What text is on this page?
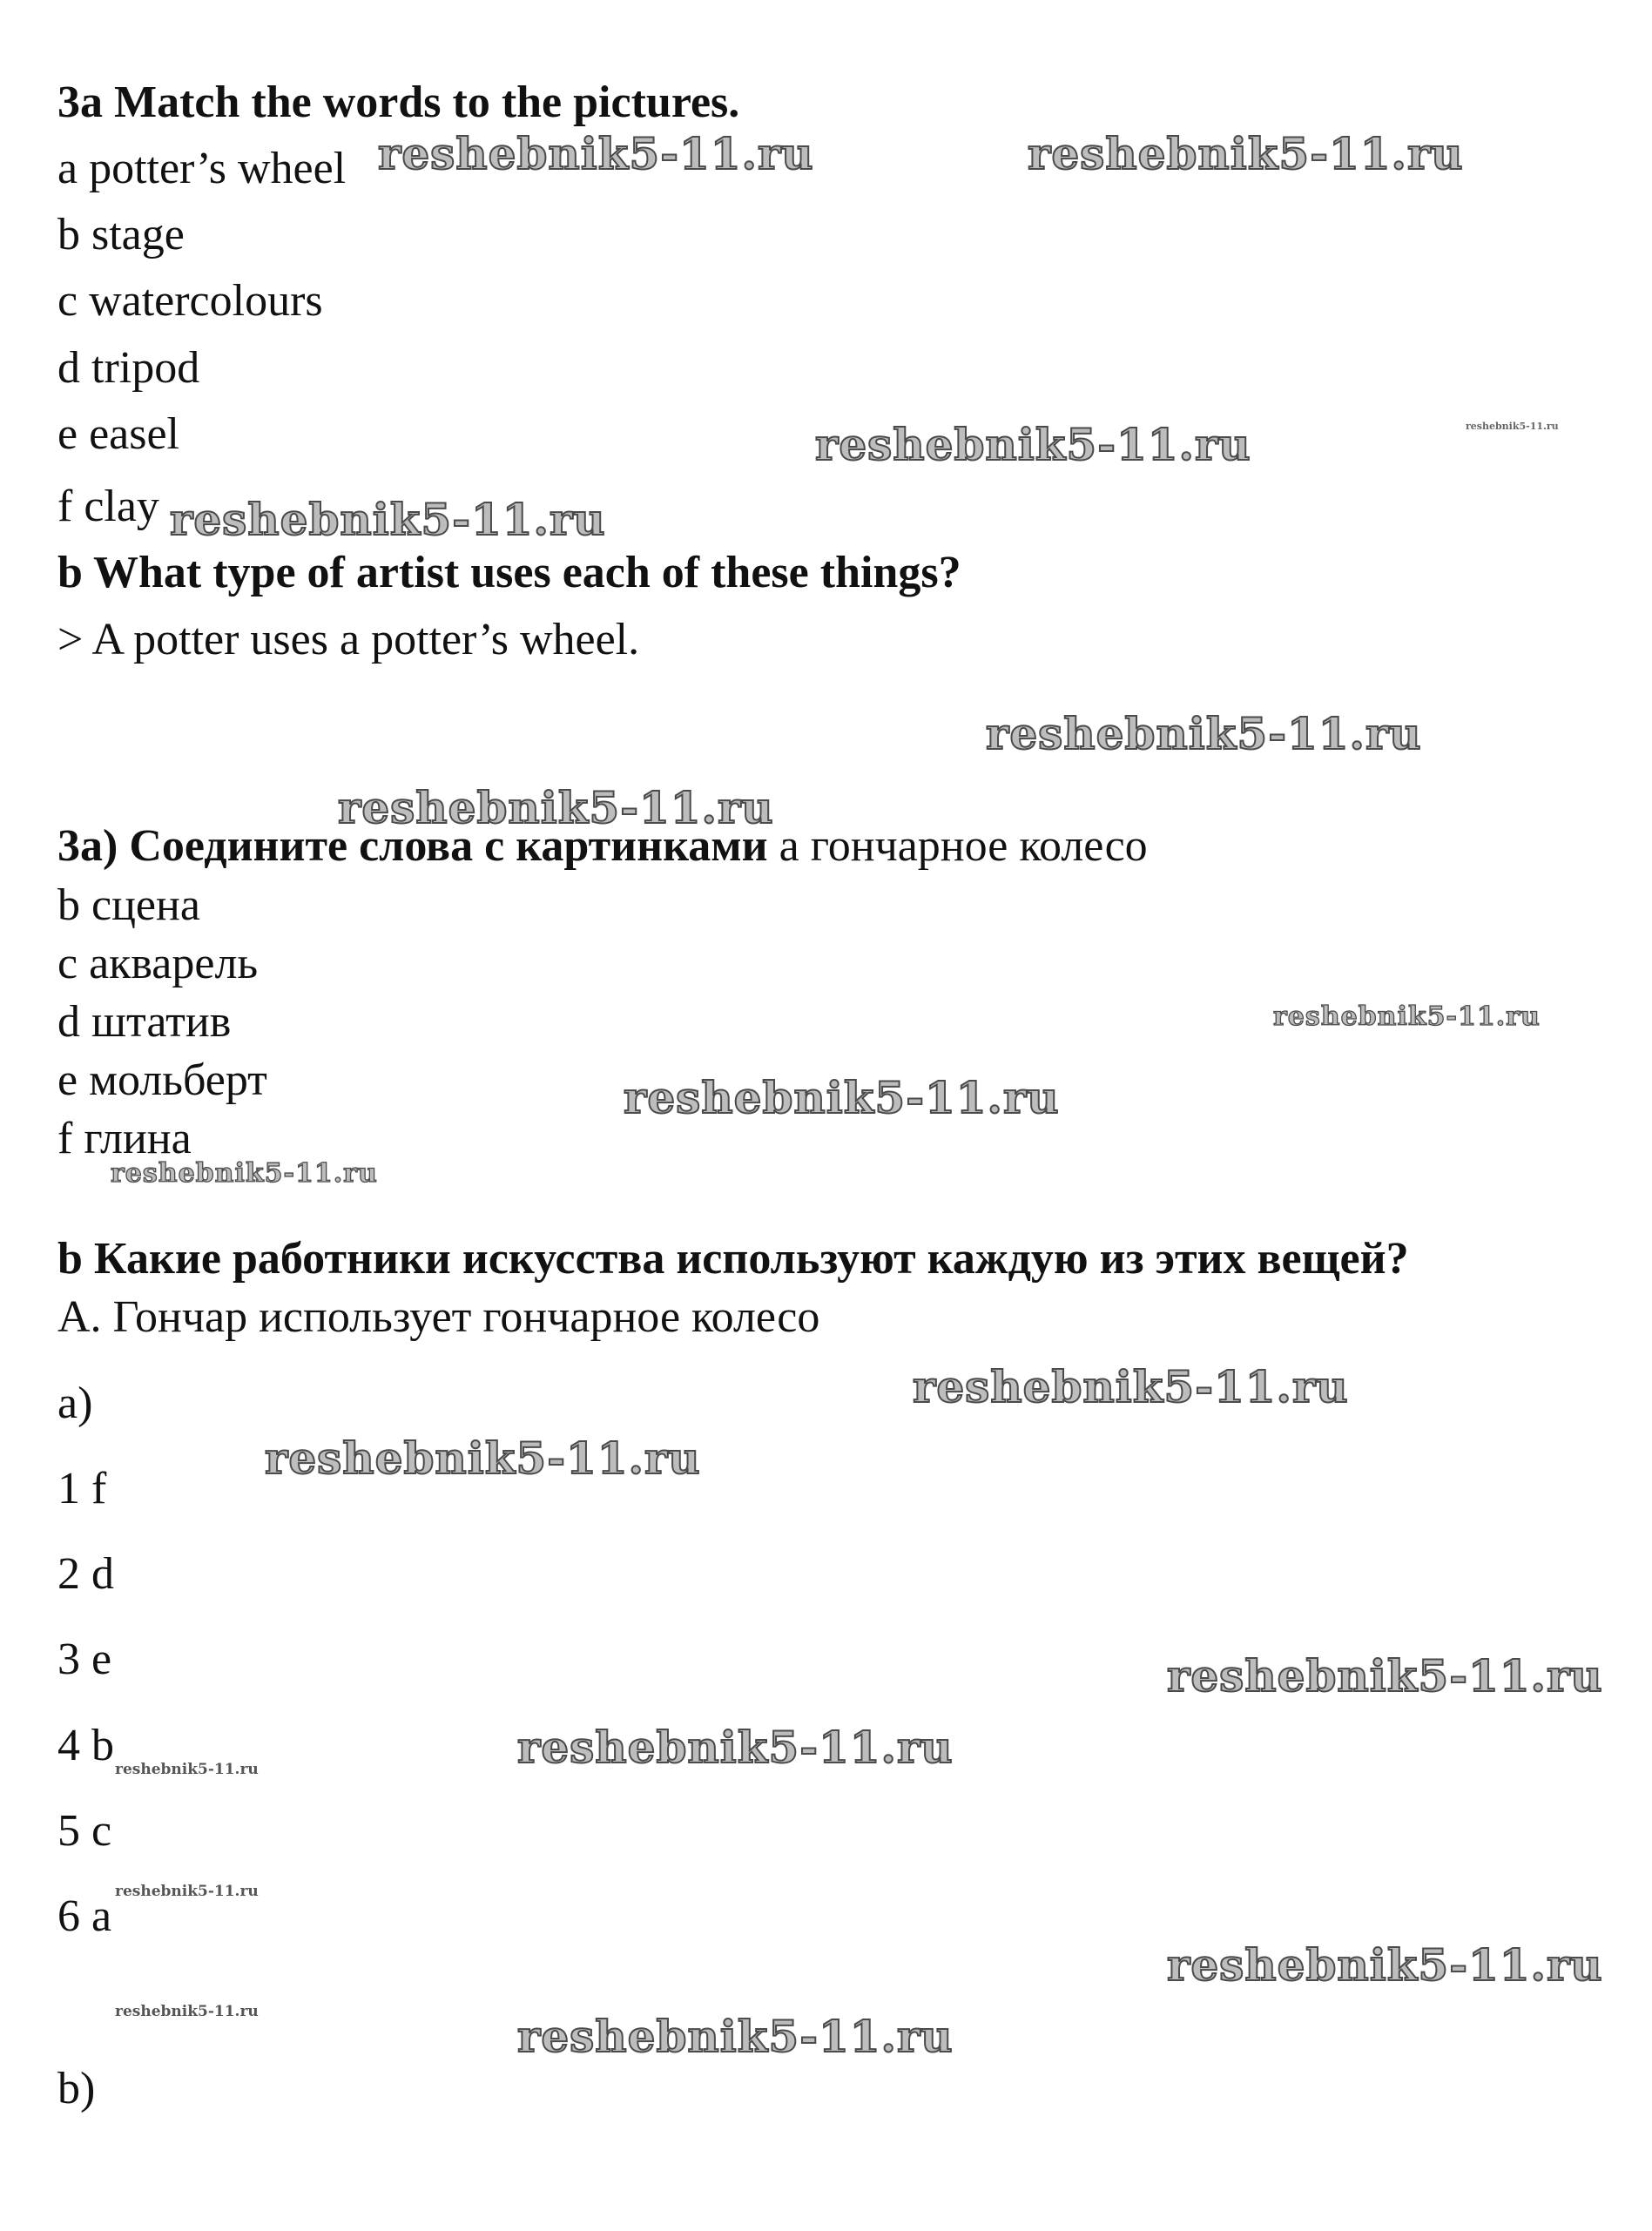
3a Match the words to the pictures.
a potter’s wheel
b stage
c watercolours
d tripod
e easel
f clay
b What type of artist uses each of these things?
> A potter uses a potter’s wheel.
3a) Соедините слова с картинками а гончарное колесо
b сцена
c акварель
d штатив
e мольберт
f глина
b Какие работники искусства используют каждую из этих вещей?
А. Гончар использует гончарное колесо
a)
1 f
2 d
3 e
4 b
5 c
6 a
b)
reshebnik5-11.ru	reshebnik5-11.ru
reshebnik5-11.ru	reshebnik5-11.ru
reshebnik5-11.ru
reshebnik5-11.ru
reshebnik5-11.ru
reshebnik5-11.ru
reshebnik5-11.ru
reshebnik5-11.ru
reshebnik5-11.ru
reshebnik5-11.ru
reshebnik5-11.ru
reshebnik5-11.ru
reshebnik5-11.ru
reshebnik5-11.ru
reshebnik5-11.ru
reshebnik5-11.ru	reshebnik5-11.ru
